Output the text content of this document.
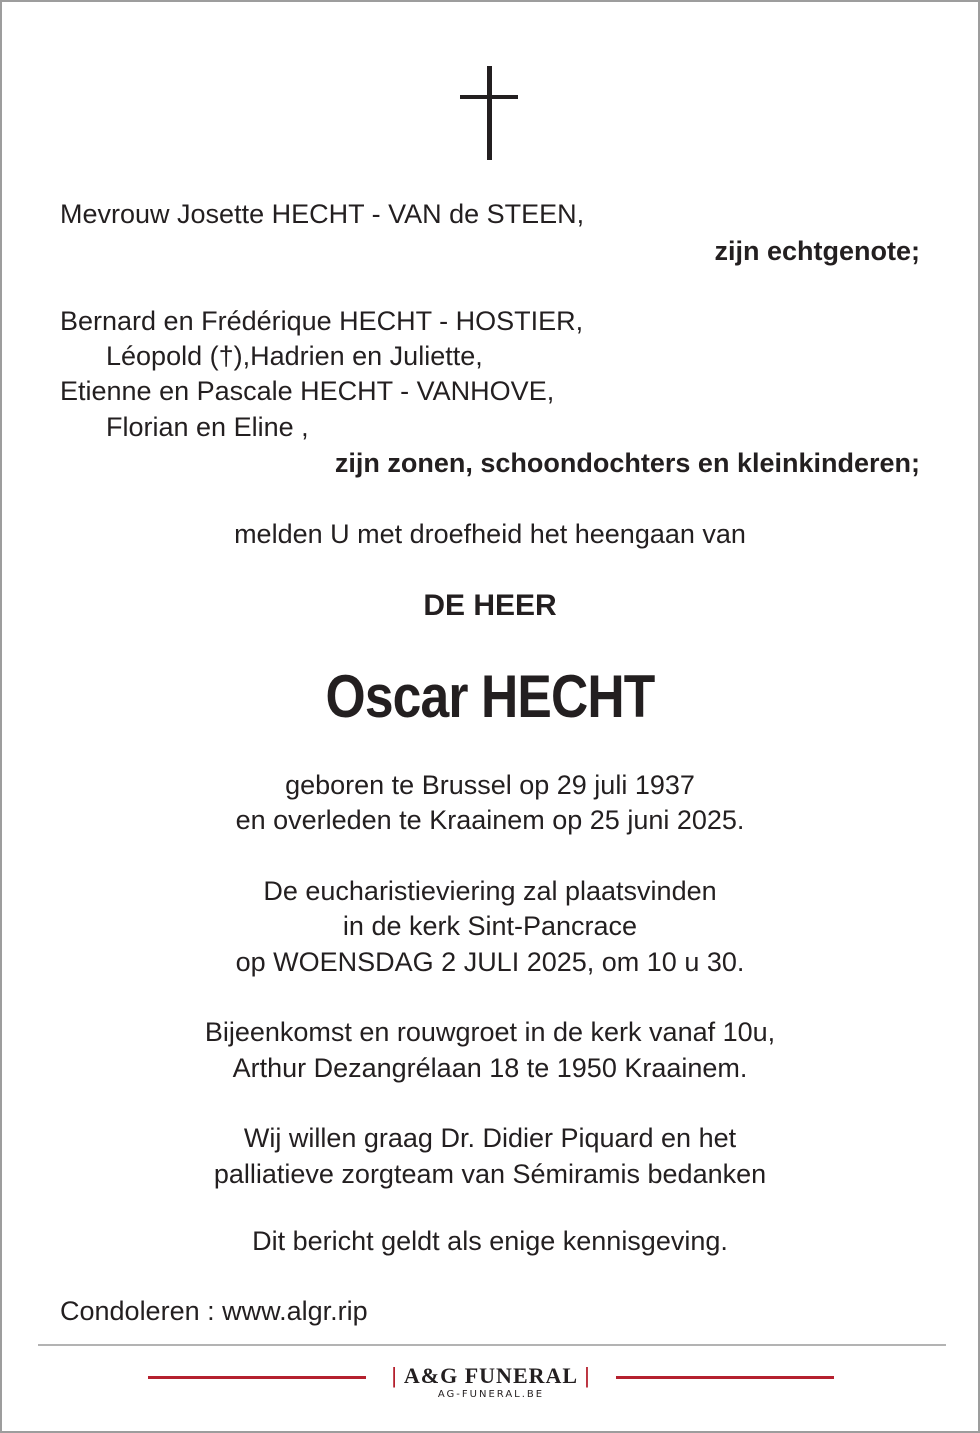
Mevrouw Josette HECHT - VAN de STEEN,
zijn echtgenote;
Bernard en Frédérique HECHT - HOSTIER,
Léopold (†),Hadrien en Juliette,
Etienne en Pascale HECHT - VANHOVE,
Florian en Eline ,
zijn zonen, schoondochters en kleinkinderen;
melden U met droefheid het heengaan van
DE HEER
Oscar HECHT
geboren te Brussel op 29 juli 1937
en overleden te Kraainem op 25 juni 2025.
De eucharistieviering zal plaatsvinden
in de kerk Sint-Pancrace
op WOENSDAG 2 JULI 2025, om 10 u 30.
Bijeenkomst en rouwgroet in de kerk vanaf 10u,
Arthur Dezangrélaan 18 te 1950 Kraainem.
Wij willen graag Dr. Didier Piquard en het
palliatieve zorgteam van Sémiramis bedanken
Dit bericht geldt als enige kennisgeving.
Condoleren : www.algr.rip
| A&G FUNERAL |
AG-FUNERAL.BE
